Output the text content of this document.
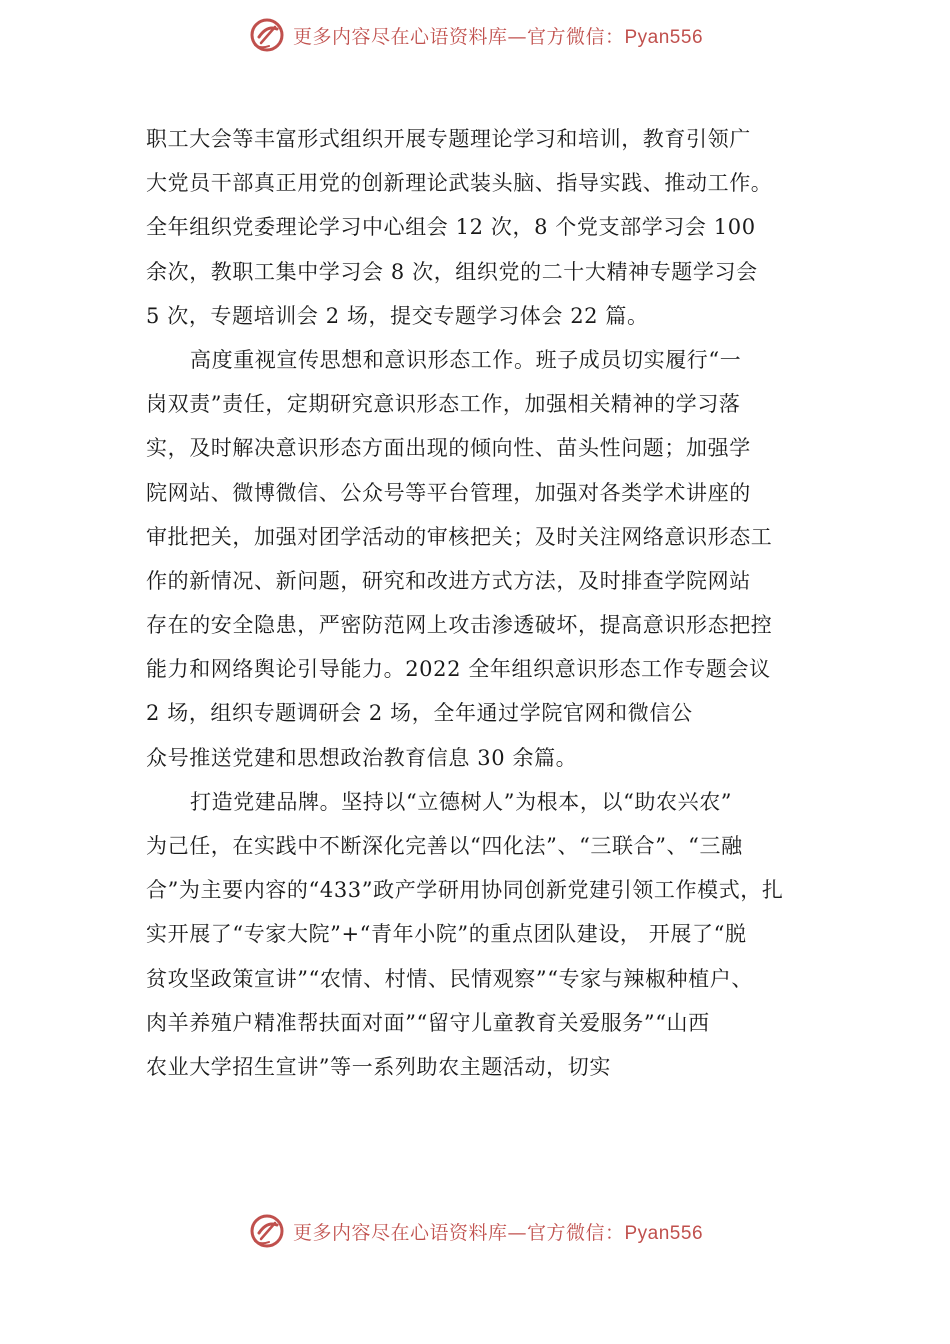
更多内容尽在心语资料库—官方微信：Pyan556
职工大会等丰富形式组织开展专题理论学习和培训，教育引领广
大党员干部真正用党的创新理论武装头脑、指导实践、推动工作。
全年组织党委理论学习中心组会 12 次，8 个党支部学习会 100
余次，教职工集中学习会 8 次，组织党的二十大精神专题学习会
5 次，专题培训会 2 场，提交专题学习体会 22 篇。
高度重视宣传思想和意识形态工作。班子成员切实履行“一
岗双责”责任，定期研究意识形态工作，加强相关精神的学习落
实，及时解决意识形态方面出现的倾向性、苗头性问题；加强学
院网站、微博微信、公众号等平台管理，加强对各类学术讲座的
审批把关，加强对团学活动的审核把关；及时关注网络意识形态工
作的新情况、新问题，研究和改进方式方法，及时排查学院网站
存在的安全隐患，严密防范网上攻击渗透破坏，提高意识形态把控
能力和网络舆论引导能力。2022 全年组织意识形态工作专题会议
2 场，组织专题调研会 2 场，全年通过学院官网和微信公
众号推送党建和思想政治教育信息 30 余篇。
打造党建品牌。坚持以“立德树人”为根本，以“助农兴农”
为己任，在实践中不断深化完善以“四化法”、“三联合”、“三融
合”为主要内容的“433”政产学研用协同创新党建引领工作模式，扎
实开展了“专家大院”+“青年小院”的重点团队建设， 开展了“脱
贫攻坚政策宣讲”“农情、村情、民情观察”“专家与辣椒种植户、
肉羊养殖户精准帮扶面对面”“留守儿童教育关爱服务”“山西
农业大学招生宣讲”等一系列助农主题活动，切实
更多内容尽在心语资料库—官方微信：Pyan556
